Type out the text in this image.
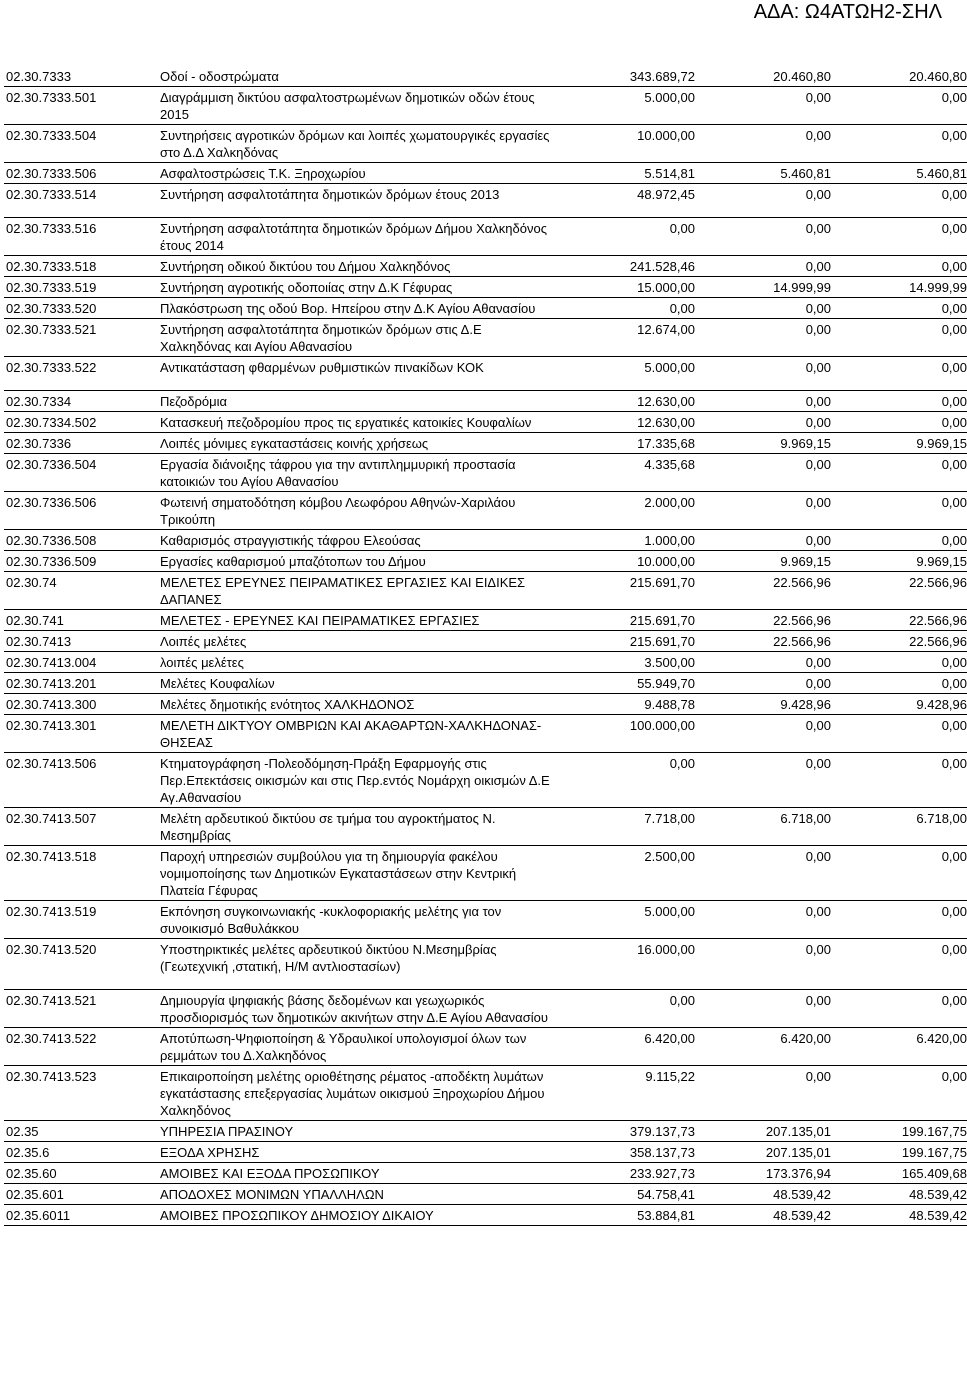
ΑΔΑ: Ω4ΑΤΩΗ2-ΣΗΛ
02.30.7333	Οδοί - οδοστρώματα	343.689,72	20.460,80	20.460,80
02.30.7333.501	Διαγράμμιση δικτύου ασφαλτοστρωμένων δημοτικών οδών έτους 2015	5.000,00	0,00	0,00
02.30.7333.504	Συντηρήσεις αγροτικών δρόμων και λοιπές χωματουργικές εργασίες στο Δ.Δ Χαλκηδόνας	10.000,00	0,00	0,00
02.30.7333.506	Ασφαλτοστρώσεις Τ.Κ. Ξηροχωρίου	5.514,81	5.460,81	5.460,81
02.30.7333.514	Συντήρηση ασφαλτοτάπητα δημοτικών δρόμων έτους 2013	48.972,45	0,00	0,00
02.30.7333.516	Συντήρηση ασφαλτοτάπητα δημοτικών δρόμων Δήμου Χαλκηδόνος έτους 2014	0,00	0,00	0,00
02.30.7333.518	Συντήρηση οδικού δικτύου του Δήμου Χαλκηδόνος	241.528,46	0,00	0,00
02.30.7333.519	Συντήρηση αγροτικής οδοποιίας στην Δ.Κ Γέφυρας	15.000,00	14.999,99	14.999,99
02.30.7333.520	Πλακόστρωση της οδού Βορ. Ηπείρου στην Δ.Κ Αγίου Αθανασίου	0,00	0,00	0,00
02.30.7333.521	Συντήρηση ασφαλτοτάπητα δημοτικών δρόμων στις Δ.Ε Χαλκηδόνας και Αγίου Αθανασίου	12.674,00	0,00	0,00
02.30.7333.522	Αντικατάσταση φθαρμένων ρυθμιστικών πινακίδων ΚΟΚ	5.000,00	0,00	0,00
02.30.7334	Πεζοδρόμια	12.630,00	0,00	0,00
02.30.7334.502	Κατασκευή πεζοδρομίου προς τις εργατικές κατοικίες Κουφαλίων	12.630,00	0,00	0,00
02.30.7336	Λοιπές μόνιμες εγκαταστάσεις κοινής χρήσεως	17.335,68	9.969,15	9.969,15
02.30.7336.504	Εργασία διάνοιξης τάφρου για την αντιπλημμυρική προστασία κατοικιών του Αγίου Αθανασίου	4.335,68	0,00	0,00
02.30.7336.506	Φωτεινή σηματοδότηση κόμβου Λεωφόρου Αθηνών-Χαριλάου Τρικούπη	2.000,00	0,00	0,00
02.30.7336.508	Καθαρισμός στραγγιστικής τάφρου Ελεούσας	1.000,00	0,00	0,00
02.30.7336.509	Εργασίες καθαρισμού μπαζότοπων του Δήμου	10.000,00	9.969,15	9.969,15
02.30.74	ΜΕΛΕΤΕΣ ΕΡΕΥΝΕΣ ΠΕΙΡΑΜΑΤΙΚΕΣ ΕΡΓΑΣΙΕΣ ΚΑΙ ΕΙΔΙΚΕΣ ΔΑΠΑΝΕΣ	215.691,70	22.566,96	22.566,96
02.30.741	ΜΕΛΕΤΕΣ - ΕΡΕΥΝΕΣ ΚΑΙ ΠΕΙΡΑΜΑΤΙΚΕΣ ΕΡΓΑΣΙΕΣ	215.691,70	22.566,96	22.566,96
02.30.7413	Λοιπές μελέτες	215.691,70	22.566,96	22.566,96
02.30.7413.004	λοιπές μελέτες	3.500,00	0,00	0,00
02.30.7413.201	Μελέτες Κουφαλίων	55.949,70	0,00	0,00
02.30.7413.300	Μελέτες δημοτικής ενότητος ΧΑΛΚΗΔΟΝΟΣ	9.488,78	9.428,96	9.428,96
02.30.7413.301	ΜΕΛΕΤΗ ΔΙΚΤΥΟΥ ΟΜΒΡΙΩΝ ΚΑΙ ΑΚΑΘΑΡΤΩΝ-ΧΑΛΚΗΔΟΝΑΣ-ΘΗΣΕΑΣ	100.000,00	0,00	0,00
02.30.7413.506	Κτηματογράφηση -Πολεοδόμηση-Πράξη Εφαρμογής στις Περ.Επεκτάσεις οικισμών και στις Περ.εντός Νομάρχη οικισμών Δ.Ε Αγ.Αθανασίου	0,00	0,00	0,00
02.30.7413.507	Μελέτη αρδευτικού δικτύου σε τμήμα του αγροκτήματος Ν. Μεσημβρίας	7.718,00	6.718,00	6.718,00
02.30.7413.518	Παροχή υπηρεσιών συμβούλου για τη δημιουργία φακέλου νομιμοποίησης των Δημοτικών Εγκαταστάσεων στην Κεντρική Πλατεία Γέφυρας	2.500,00	0,00	0,00
02.30.7413.519	Εκπόνηση συγκοινωνιακής -κυκλοφοριακής μελέτης για τον συνοικισμό Βαθυλάκκου	5.000,00	0,00	0,00
02.30.7413.520	Υποστηρικτικές μελέτες αρδευτικού δικτύου Ν.Μεσημβρίας (Γεωτεχνική ,στατική, Η/Μ αντλιοστασίων)	16.000,00	0,00	0,00
02.30.7413.521	Δημιουργία ψηφιακής βάσης δεδομένων και γεωχωρικός προσδιορισμός των δημοτικών ακινήτων στην Δ.Ε Αγίου Αθανασίου	0,00	0,00	0,00
02.30.7413.522	Αποτύπωση-Ψηφιοποίηση & Υδραυλικοί υπολογισμοί όλων των ρεμμάτων του Δ.Χαλκηδόνος	6.420,00	6.420,00	6.420,00
02.30.7413.523	Επικαιροποίηση μελέτης οριοθέτησης ρέματος -αποδέκτη λυμάτων εγκατάστασης επεξεργασίας λυμάτων οικισμού Ξηροχωρίου Δήμου Χαλκηδόνος	9.115,22	0,00	0,00
02.35	ΥΠΗΡΕΣΙΑ ΠΡΑΣΙΝΟΥ	379.137,73	207.135,01	199.167,75
02.35.6	ΕΞΟΔΑ ΧΡΗΣΗΣ	358.137,73	207.135,01	199.167,75
02.35.60	ΑΜΟΙΒΕΣ ΚΑΙ ΕΞΟΔΑ ΠΡΟΣΩΠΙΚΟΥ	233.927,73	173.376,94	165.409,68
02.35.601	ΑΠΟΔΟΧΕΣ ΜΟΝΙΜΩΝ ΥΠΑΛΛΗΛΩΝ	54.758,41	48.539,42	48.539,42
02.35.6011	ΑΜΟΙΒΕΣ ΠΡΟΣΩΠΙΚΟΥ ΔΗΜΟΣΙΟΥ ΔΙΚΑΙΟΥ	53.884,81	48.539,42	48.539,42
